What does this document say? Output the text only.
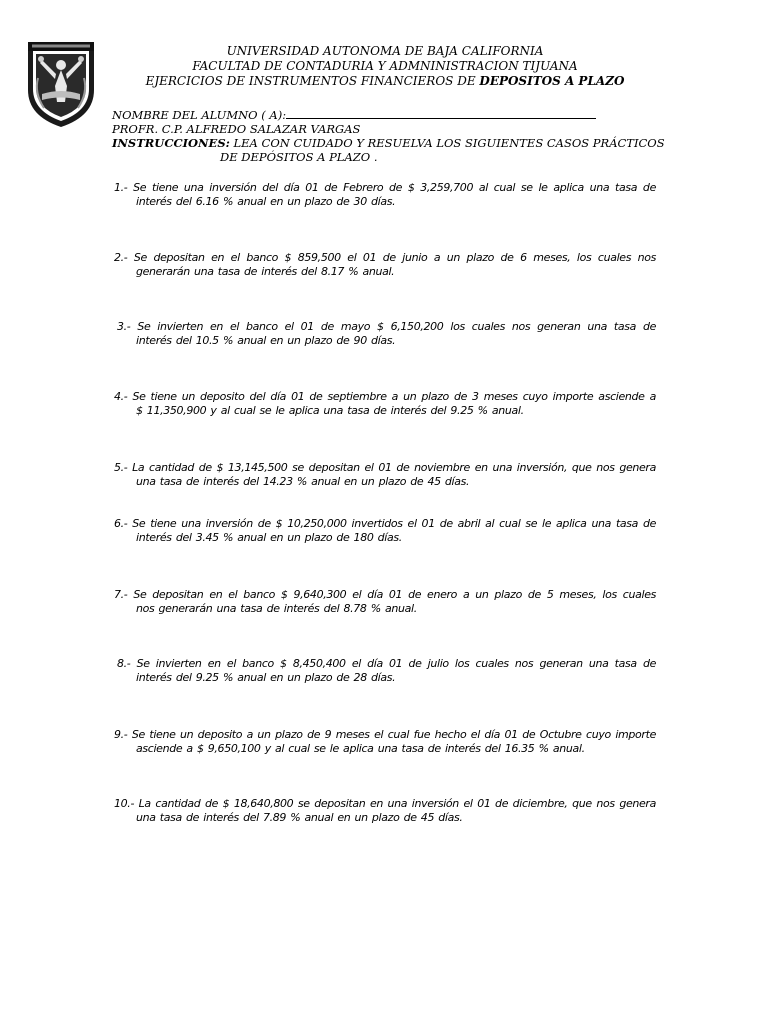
UNIVERSIDAD AUTONOMA DE BAJA CALIFORNIA
FACULTAD DE CONTADURIA Y ADMNINISTRACION TIJUANA
EJERCICIOS DE INSTRUMENTOS FINANCIEROS DE DEPOSITOS A PLAZO
NOMBRE DEL ALUMNO ( A):
PROFR. C.P. ALFREDO SALAZAR VARGAS
INSTRUCCIONES: LEA CON CUIDADO Y RESUELVA LOS SIGUIENTES CASOS PRÁCTICOS
DE DEPÓSITOS A PLAZO .
1.- Se tiene una inversión del día 01 de Febrero de $ 3,259,700 al cual se le aplica una tasa de
interés del 6.16 % anual en un plazo de 30 días.
2.- Se depositan en el banco $ 859,500 el 01 de junio a un plazo de 6 meses, los cuales nos
generarán una tasa de interés del 8.17 % anual.
3.- Se invierten en el banco el 01 de mayo $ 6,150,200 los cuales nos generan una tasa de
interés del 10.5 % anual en un plazo de 90 días.
4.- Se tiene un deposito del día 01 de septiembre a un plazo de 3 meses cuyo importe asciende a
$ 11,350,900 y al cual se le aplica una tasa de interés del 9.25 % anual.
5.- La cantidad de $ 13,145,500 se depositan el 01 de noviembre en una inversión, que nos genera
una tasa de interés del 14.23 % anual en un plazo de 45 días.
6.- Se tiene una inversión de $ 10,250,000 invertidos el 01 de abril al cual se le aplica una tasa de
interés del 3.45 % anual en un plazo de 180 días.
7.- Se depositan en el banco $ 9,640,300 el día 01 de enero a un plazo de 5 meses, los cuales
nos generarán una tasa de interés del 8.78 % anual.
8.- Se invierten en el banco $ 8,450,400 el día 01 de julio los cuales nos generan una tasa de
interés del 9.25 % anual en un plazo de 28 días.
9.- Se tiene un deposito a un plazo de 9 meses el cual fue hecho el día 01 de Octubre cuyo importe
asciende a $ 9,650,100 y al cual se le aplica una tasa de interés del 16.35 % anual.
10.- La cantidad de $ 18,640,800 se depositan en una inversión el 01 de diciembre, que nos genera
una tasa de interés del 7.89 % anual en un plazo de 45 días.
